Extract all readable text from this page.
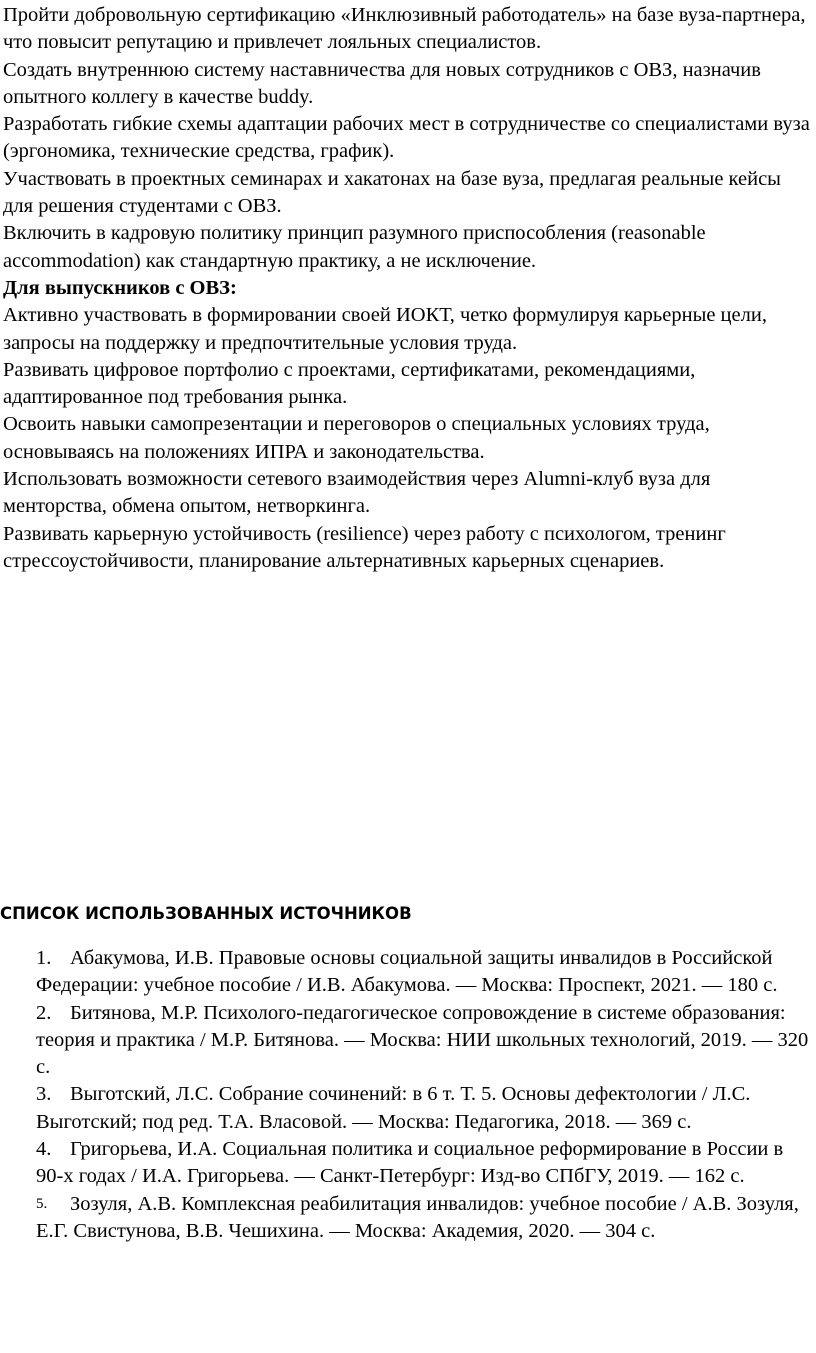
Пройти добровольную сертификацию «Инклюзивный работодатель» на базе вуза-партнера, что повысит репутацию и привлечет лояльных специалистов.

Создать внутреннюю систему наставничества для новых сотрудников с ОВЗ, назначив опытного коллегу в качестве buddy.

Разработать гибкие схемы адаптации рабочих мест в сотрудничестве со специалистами вуза (эргономика, технические средства, график).

Участвовать в проектных семинарах и хакатонах на базе вуза, предлагая реальные кейсы для решения студентами с ОВЗ.

Включить в кадровую политику принцип разумного приспособления (reasonable accommodation) как стандартную практику, а не исключение.

Для выпускников с ОВЗ:

Активно участвовать в формировании своей ИОКТ, четко формулируя карьерные цели, запросы на поддержку и предпочтительные условия труда.

Развивать цифровое портфолио с проектами, сертификатами, рекомендациями, адаптированное под требования рынка.

Освоить навыки самопрезентации и переговоров о специальных условиях труда, основываясь на положениях ИПРА и законодательства.

Использовать возможности сетевого взаимодействия через Alumni-клуб вуза для менторства, обмена опытом, нетворкинга.

Развивать карьерную устойчивость (resilience) через работу с психологом, тренинг стрессоустойчивости, планирование альтернативных карьерных сценариев.

СПИСОК ИСПОЛЬЗОВАННЫХ ИСТОЧНИКОВ
1. Абакумова, И.В. Правовые основы социальной защиты инвалидов в Российской Федерации: учебное пособие / И.В. Абакумова. — Москва: Проспект, 2021. — 180 с.
2. Битянова, М.Р. Психолого-педагогическое сопровождение в системе образования: теория и практика / М.Р. Битянова. — Москва: НИИ школьных технологий, 2019. — 320 с.
3. Выготский, Л.С. Собрание сочинений: в 6 т. Т. 5. Основы дефектологии / Л.С. Выготский; под ред. Т.А. Власовой. — Москва: Педагогика, 2018. — 369 с.
4. Григорьева, И.А. Социальная политика и социальное реформирование в России в 90-х годах / И.А. Григорьева. — Санкт-Петербург: Изд-во СПбГУ, 2019. — 162 с.
5.	Зозуля, А.В. Комплексная реабилитация инвалидов: учебное пособие / А.В. Зозуля, Е.Г. Свистунова, В.В. Чешихина. — Москва: Академия, 2020. — 304 с.
